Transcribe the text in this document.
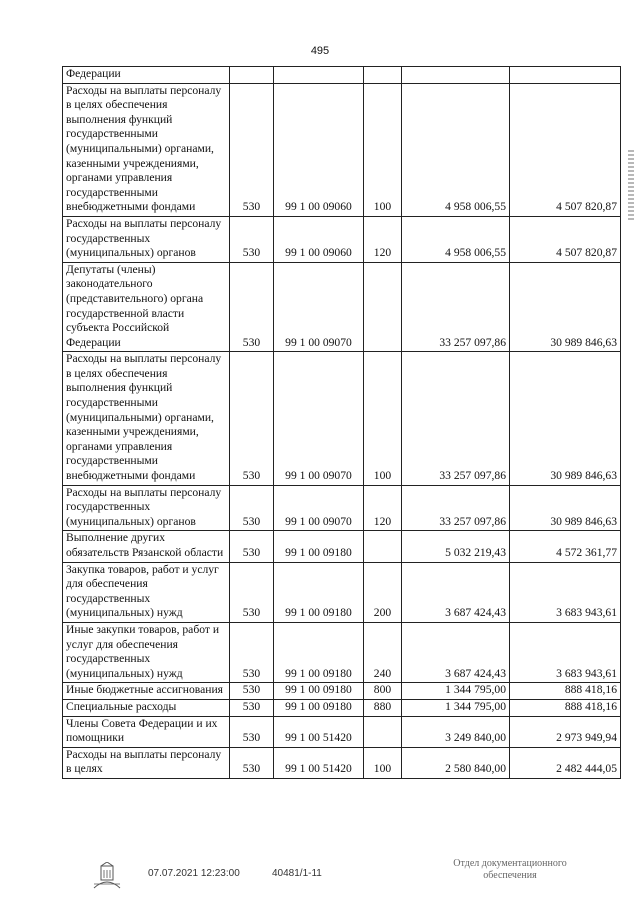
495
Федерации					
Расходы на выплаты персоналу в целях обеспечения выполнения функций государственными (муниципальными) органами, казенными учреждениями, органами управления государственными внебюджетными фондами	530	99 1 00 09060	100	4 958 006,55	4 507 820,87
Расходы на выплаты персоналу государственных (муниципальных) органов	530	99 1 00 09060	120	4 958 006,55	4 507 820,87
Депутаты (члены) законодательного (представительного) органа государственной власти субъекта Российской Федерации	530	99 1 00 09070		33 257 097,86	30 989 846,63
Расходы на выплаты персоналу в целях обеспечения выполнения функций государственными (муниципальными) органами, казенными учреждениями, органами управления государственными внебюджетными фондами	530	99 1 00 09070	100	33 257 097,86	30 989 846,63
Расходы на выплаты персоналу государственных (муниципальных) органов	530	99 1 00 09070	120	33 257 097,86	30 989 846,63
Выполнение других обязательств Рязанской области	530	99 1 00 09180		5 032 219,43	4 572 361,77
Закупка товаров, работ и услуг для обеспечения государственных (муниципальных) нужд	530	99 1 00 09180	200	3 687 424,43	3 683 943,61
Иные закупки товаров, работ и услуг для обеспечения государственных (муниципальных) нужд	530	99 1 00 09180	240	3 687 424,43	3 683 943,61
Иные бюджетные ассигнования	530	99 1 00 09180	800	1 344 795,00	888 418,16
Специальные расходы	530	99 1 00 09180	880	1 344 795,00	888 418,16
Члены Совета Федерации и их помощники	530	99 1 00 51420		3 249 840,00	2 973 949,94
Расходы на выплаты персоналу в целях	530	99 1 00 51420	100	2 580 840,00	2 482 444,05
07.07.2021 12:23:00	40481/1-11
Отдел документационного
обеспечения
